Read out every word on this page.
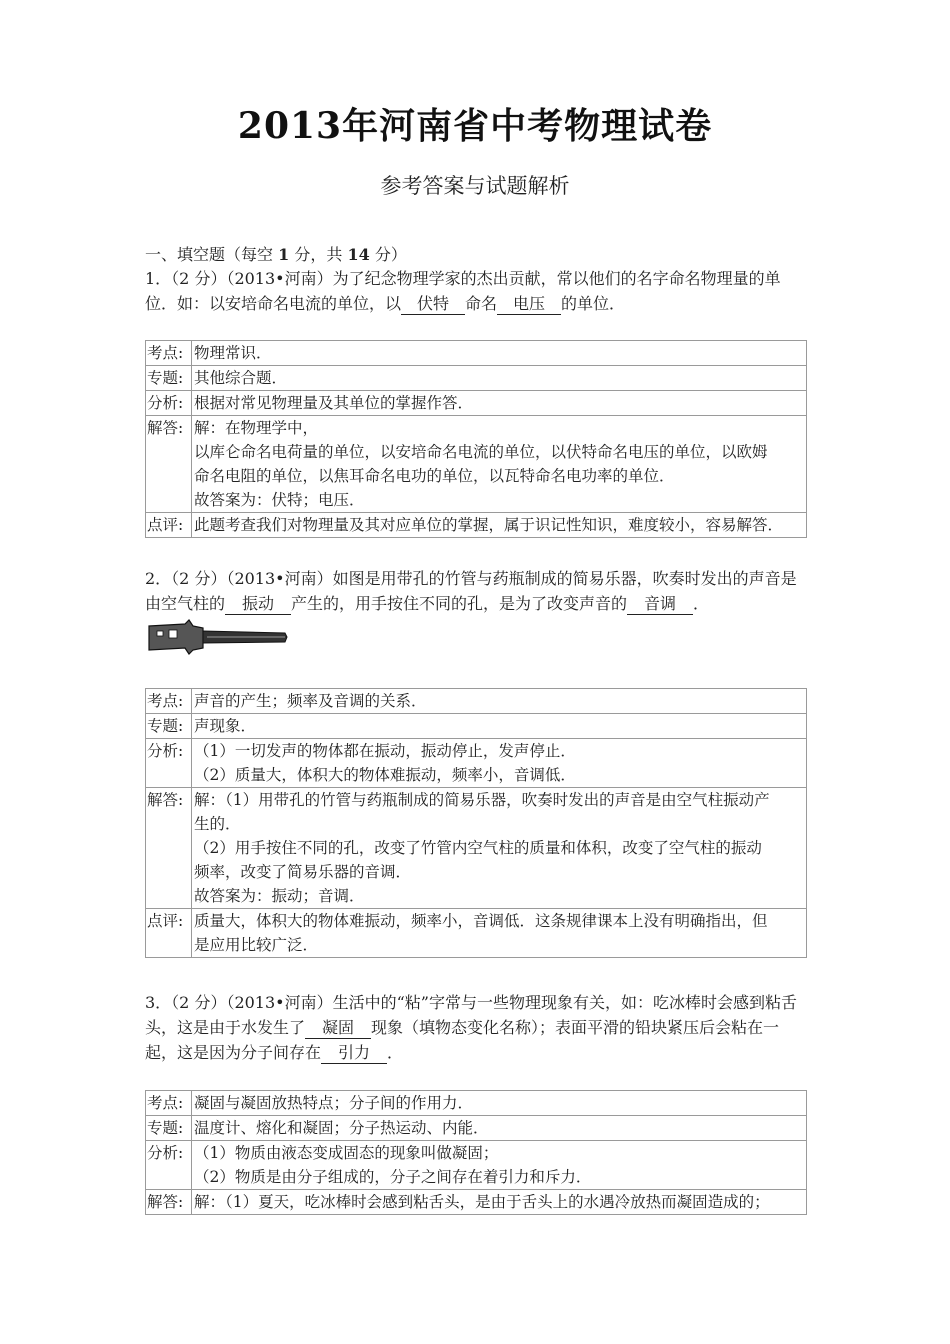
2013年河南省中考物理试卷
参考答案与试题解析
一、填空题（每空 1 分，共 14 分）
1．（2 分）（2013•河南）为了纪念物理学家的杰出贡献，常以他们的名字命名物理量的单
位．如：以安培命名电流的单位，以 伏特 命名 电压 的单位．
考点:	物理常识．

专题:	其他综合题．

分析:	根据对常见物理量及其单位的掌握作答．

解答:	解：在物理学中，

以库仑命名电荷量的单位，以安培命名电流的单位，以伏特命名电压的单位，以欧姆

命名电阻的单位，以焦耳命名电功的单位，以瓦特命名电功率的单位．

故答案为：伏特；电压．

点评:	此题考查我们对物理量及其对应单位的掌握，属于识记性知识，难度较小，容易解答．

2．（2 分）（2013•河南）如图是用带孔的竹管与药瓶制成的简易乐器，吹奏时发出的声音是
由空气柱的 振动 产生的，用手按住不同的孔，是为了改变声音的 音调 ．
考点:	声音的产生；频率及音调的关系．

专题:	声现象．

分析:	（1）一切发声的物体都在振动，振动停止，发声停止．

（2）质量大，体积大的物体难振动，频率小，音调低．

解答:	解：（1）用带孔的竹管与药瓶制成的简易乐器，吹奏时发出的声音是由空气柱振动产

生的．

（2）用手按住不同的孔，改变了竹管内空气柱的质量和体积，改变了空气柱的振动

频率，改变了简易乐器的音调．

故答案为：振动；音调．

点评:	质量大，体积大的物体难振动，频率小，音调低．这条规律课本上没有明确指出，但

是应用比较广泛．

3．（2 分）（2013•河南）生活中的“粘”字常与一些物理现象有关，如：吃冰棒时会感到粘舌
头，这是由于水发生了 凝固 现象（填物态变化名称）；表面平滑的铅块紧压后会粘在一
起，这是因为分子间存在 引力 ．
考点:	凝固与凝固放热特点；分子间的作用力．

专题:	温度计、熔化和凝固；分子热运动、内能．

分析:	（1）物质由液态变成固态的现象叫做凝固；

（2）物质是由分子组成的，分子之间存在着引力和斥力．

解答:	解：（1）夏天，吃冰棒时会感到粘舌头，是由于舌头上的水遇冷放热而凝固造成的；
